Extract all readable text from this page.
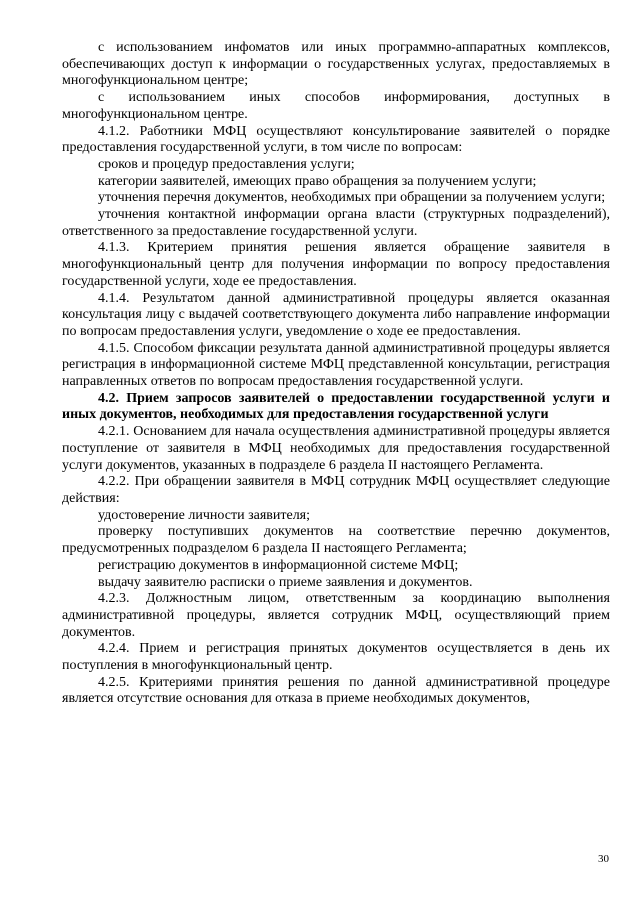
с использованием инфоматов или иных программно-аппаратных комплексов, обеспечивающих доступ к информации о государственных услугах, предоставляемых в многофункциональном центре;

с использованием иных способов информирования, доступных в многофункциональном центре.

4.1.2. Работники МФЦ осуществляют консультирование заявителей о порядке предоставления государственной услуги, в том числе по вопросам:

сроков и процедур предоставления услуги;

категории заявителей, имеющих право обращения за получением услуги;

уточнения перечня документов, необходимых при обращении за получением услуги;

уточнения контактной информации органа власти (структурных подразделений), ответственного за предоставление государственной услуги.

4.1.3. Критерием принятия решения является обращение заявителя в многофункциональный центр для получения информации по вопросу предоставления государственной услуги, ходе ее предоставления.

4.1.4. Результатом данной административной процедуры является оказанная консультация лицу с выдачей соответствующего документа либо направление информации по вопросам предоставления услуги, уведомление о ходе ее предоставления.

4.1.5. Способом фиксации результата данной административной процедуры является регистрация в информационной системе МФЦ представленной консультации, регистрация направленных ответов по вопросам предоставления государственной услуги.

4.2. Прием запросов заявителей о предоставлении государственной услуги и иных документов, необходимых для предоставления государственной услуги

4.2.1. Основанием для начала осуществления административной процедуры является поступление от заявителя в МФЦ необходимых для предоставления государственной услуги документов, указанных в подразделе 6 раздела II настоящего Регламента.

4.2.2. При обращении заявителя в МФЦ сотрудник МФЦ осуществляет следующие действия:

удостоверение личности заявителя;

проверку поступивших документов на соответствие перечню документов, предусмотренных подразделом 6 раздела II настоящего Регламента;

регистрацию документов в информационной системе МФЦ;

выдачу заявителю расписки о приеме заявления и документов.

4.2.3. Должностным лицом, ответственным за координацию выполнения административной процедуры, является сотрудник МФЦ, осуществляющий прием документов.

4.2.4. Прием и регистрация принятых документов осуществляется в день их поступления в многофункциональный центр.

4.2.5. Критериями принятия решения по данной административной процедуре является отсутствие основания для отказа в приеме необходимых документов,

30
